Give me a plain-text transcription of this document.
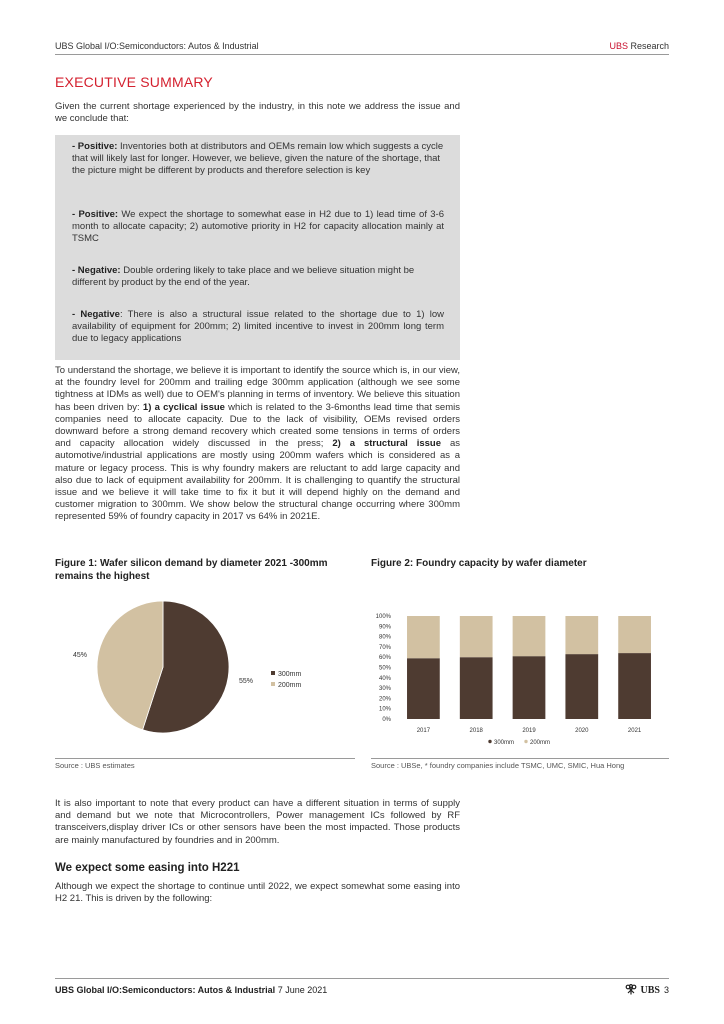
UBS Global I/O:Semiconductors: Autos & Industrial	UBS Research
EXECUTIVE SUMMARY
Given the current shortage experienced by the industry, in this note we address the issue and we conclude that:
- Positive: Inventories both at distributors and OEMs remain low which suggests a cycle that will likely last for longer. However, we believe, given the nature of the shortage, that the picture might be different by products and therefore selection is key
- Positive: We expect the shortage to somewhat ease in H2 due to 1) lead time of 3-6 month to allocate capacity; 2) automotive priority in H2 for capacity allocation mainly at TSMC
- Negative: Double ordering likely to take place and we believe situation might be different by product by the end of the year.
- Negative: There is also a structural issue related to the shortage due to 1) low availability of equipment for 200mm; 2) limited incentive to invest in 200mm long term due to legacy applications
To understand the shortage, we believe it is important to identify the source which is, in our view, at the foundry level for 200mm and trailing edge 300mm application (although we see some tightness at IDMs as well) due to OEM's planning in terms of inventory. We believe this situation has been driven by: 1) a cyclical issue which is related to the 3-6months lead time that semis companies need to allocate capacity. Due to the lack of visibility, OEMs revised orders downward before a strong demand recovery which created some tensions in terms of orders and capacity allocation widely discussed in the press; 2) a structural issue as automotive/industrial applications are mostly using 200mm wafers which is considered as a mature or legacy process. This is why foundry makers are reluctant to add large capacity and also due to lack of equipment availability for 200mm. It is challenging to quantify the structural issue and we believe it will take time to fix it but it will depend highly on the demand and customer migration to 300mm. We show below the structural change occurring where 300mm represented 59% of foundry capacity in 2017 vs 64% in 2021E.
Figure 1: Wafer silicon demand by diameter 2021 -300mm remains the highest
Figure 2: Foundry capacity by wafer diameter
55%
45%
300mm
200mm
0%
10%
20%
30%
40%
50%
60%
70%
80%
90%
100%
2017	2018	2019	2020	2021
300mm	200mm
Source : UBS estimates	Source : UBSe, * foundry companies include TSMC, UMC, SMIC, Hua Hong
It is also important to note that every product can have a different situation in terms of supply and demand but we note that Microcontrollers, Power management ICs followed by RF transceivers,display driver ICs or other sensors have been the most impacted. Those products are mainly manufactured by foundries and in 200mm.
We expect some easing into H221
Although we expect the shortage to continue until 2022, we expect somewhat some easing into H2 21. This is driven by the following:
UBS Global I/O:Semiconductors: Autos & Industrial 7 June 2021	UBS 3
